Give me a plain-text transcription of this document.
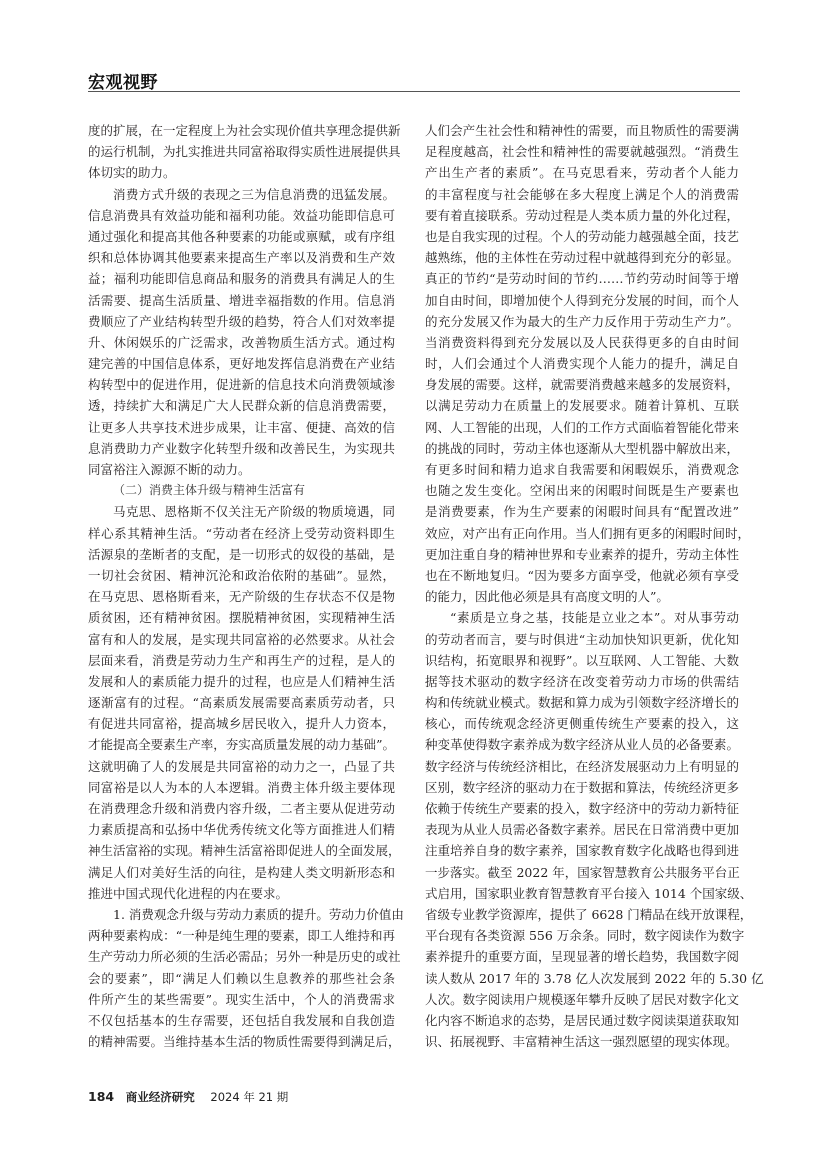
宏观视野
度的扩展，在一定程度上为社会实现价值共享理念提供新
的运行机制，为扎实推进共同富裕取得实质性进展提供具
体切实的助力。
消费方式升级的表现之三为信息消费的迅猛发展。
信息消费具有效益功能和福利功能。效益功能即信息可
通过强化和提高其他各种要素的功能或禀赋，或有序组
织和总体协调其他要素来提高生产率以及消费和生产效
益；福利功能即信息商品和服务的消费具有满足人的生
活需要、提高生活质量、增进幸福指数的作用。信息消
费顺应了产业结构转型升级的趋势，符合人们对效率提
升、休闲娱乐的广泛需求，改善物质生活方式。通过构
建完善的中国信息体系，更好地发挥信息消费在产业结
构转型中的促进作用，促进新的信息技术向消费领域渗
透，持续扩大和满足广大人民群众新的信息消费需要，
让更多人共享技术进步成果，让丰富、便捷、高效的信
息消费助力产业数字化转型升级和改善民生，为实现共
同富裕注入源源不断的动力。
（二）消费主体升级与精神生活富有
马克思、恩格斯不仅关注无产阶级的物质境遇，同
样心系其精神生活。“劳动者在经济上受劳动资料即生
活源泉的垄断者的支配，是一切形式的奴役的基础，是
一切社会贫困、精神沉沦和政治依附的基础”。显然，
在马克思、恩格斯看来，无产阶级的生存状态不仅是物
质贫困，还有精神贫困。摆脱精神贫困，实现精神生活
富有和人的发展，是实现共同富裕的必然要求。从社会
层面来看，消费是劳动力生产和再生产的过程，是人的
发展和人的素质能力提升的过程，也应是人们精神生活
逐渐富有的过程。“高素质发展需要高素质劳动者，只
有促进共同富裕，提高城乡居民收入，提升人力资本，
才能提高全要素生产率，夯实高质量发展的动力基础”。
这就明确了人的发展是共同富裕的动力之一，凸显了共
同富裕是以人为本的人本逻辑。消费主体升级主要体现
在消费理念升级和消费内容升级，二者主要从促进劳动
力素质提高和弘扬中华优秀传统文化等方面推进人们精
神生活富裕的实现。精神生活富裕即促进人的全面发展，
满足人们对美好生活的向往，是构建人类文明新形态和
推进中国式现代化进程的内在要求。
1. 消费观念升级与劳动力素质的提升。劳动力价值由
两种要素构成：“一种是纯生理的要素，即工人维持和再
生产劳动力所必须的生活必需品；另外一种是历史的或社
会的要素”，即“满足人们赖以生息教养的那些社会条
件所产生的某些需要”。现实生活中，个人的消费需求
不仅包括基本的生存需要，还包括自我发展和自我创造
的精神需要。当维持基本生活的物质性需要得到满足后，
人们会产生社会性和精神性的需要，而且物质性的需要满
足程度越高，社会性和精神性的需要就越强烈。“消费生
产出生产者的素质”。在马克思看来，劳动者个人能力
的丰富程度与社会能够在多大程度上满足个人的消费需
要有着直接联系。劳动过程是人类本质力量的外化过程，
也是自我实现的过程。个人的劳动能力越强越全面，技艺
越熟练，他的主体性在劳动过程中就越得到充分的彰显。
真正的节约“是劳动时间的节约……节约劳动时间等于增
加自由时间，即增加使个人得到充分发展的时间，而个人
的充分发展又作为最大的生产力反作用于劳动生产力”。
当消费资料得到充分发展以及人民获得更多的自由时间
时，人们会通过个人消费实现个人能力的提升，满足自
身发展的需要。这样，就需要消费越来越多的发展资料，
以满足劳动力在质量上的发展要求。随着计算机、互联
网、人工智能的出现，人们的工作方式面临着智能化带来
的挑战的同时，劳动主体也逐渐从大型机器中解放出来，
有更多时间和精力追求自我需要和闲暇娱乐，消费观念
也随之发生变化。空闲出来的闲暇时间既是生产要素也
是消费要素，作为生产要素的闲暇时间具有“配置改进”
效应，对产出有正向作用。当人们拥有更多的闲暇时间时，
更加注重自身的精神世界和专业素养的提升，劳动主体性
也在不断地复归。“因为要多方面享受，他就必须有享受
的能力，因此他必须是具有高度文明的人”。
“素质是立身之基，技能是立业之本”。对从事劳动
的劳动者而言，要与时俱进“主动加快知识更新，优化知
识结构，拓宽眼界和视野”。以互联网、人工智能、大数
据等技术驱动的数字经济在改变着劳动力市场的供需结
构和传统就业模式。数据和算力成为引领数字经济增长的
核心，而传统观念经济更侧重传统生产要素的投入，这
种变革使得数字素养成为数字经济从业人员的必备要素。
数字经济与传统经济相比，在经济发展驱动力上有明显的
区别，数字经济的驱动力在于数据和算法，传统经济更多
依赖于传统生产要素的投入，数字经济中的劳动力新特征
表现为从业人员需必备数字素养。居民在日常消费中更加
注重培养自身的数字素养，国家教育数字化战略也得到进
一步落实。截至 2022 年，国家智慧教育公共服务平台正
式启用，国家职业教育智慧教育平台接入 1014 个国家级、
省级专业教学资源库，提供了 6628 门精品在线开放课程，
平台现有各类资源 556 万余条。同时，数字阅读作为数字
素养提升的重要方面，呈现显著的增长趋势，我国数字阅
读人数从 2017 年的 3.78 亿人次发展到 2022 年的 5.30 亿
人次。数字阅读用户规模逐年攀升反映了居民对数字化文
化内容不断追求的态势，是居民通过数字阅读渠道获取知
识、拓展视野、丰富精神生活这一强烈愿望的现实体现。
184 商业经济研究 2024 年 21 期
